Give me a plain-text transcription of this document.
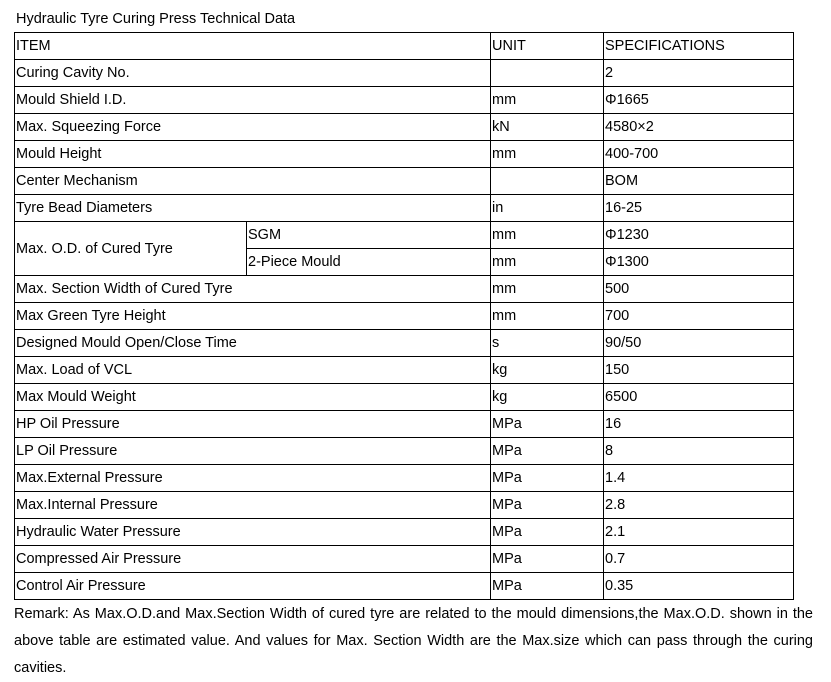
Hydraulic Tyre Curing Press Technical Data
ITEM		UNIT	SPECIFICATIONS
Curing Cavity No.			2
Mould Shield I.D.		mm	Φ1665
Max. Squeezing Force		kN	4580×2
Mould Height		mm	400-700
Center Mechanism			BOM
Tyre Bead Diameters		in	16-25
Max. O.D. of Cured Tyre	SGM	mm	Φ1230
	2-Piece Mould	mm	Φ1300
Max. Section Width of Cured Tyre		mm	500
Max Green Tyre Height		mm	700
Designed Mould Open/Close Time		s	90/50
Max. Load of VCL		kg	150
Max Mould Weight		kg	6500
HP Oil Pressure		MPa	16
LP Oil Pressure		MPa	8
Max.External Pressure		MPa	1.4
Max.Internal Pressure		MPa	2.8
Hydraulic Water Pressure		MPa	2.1
Compressed Air Pressure		MPa	0.7
Control Air Pressure		MPa	0.35
Remark: As Max.O.D.and Max.Section Width of cured tyre are related to the mould dimensions,the Max.O.D. shown in the above table are estimated value. And values for Max. Section Width are the Max.size which can pass through the curing cavities.
